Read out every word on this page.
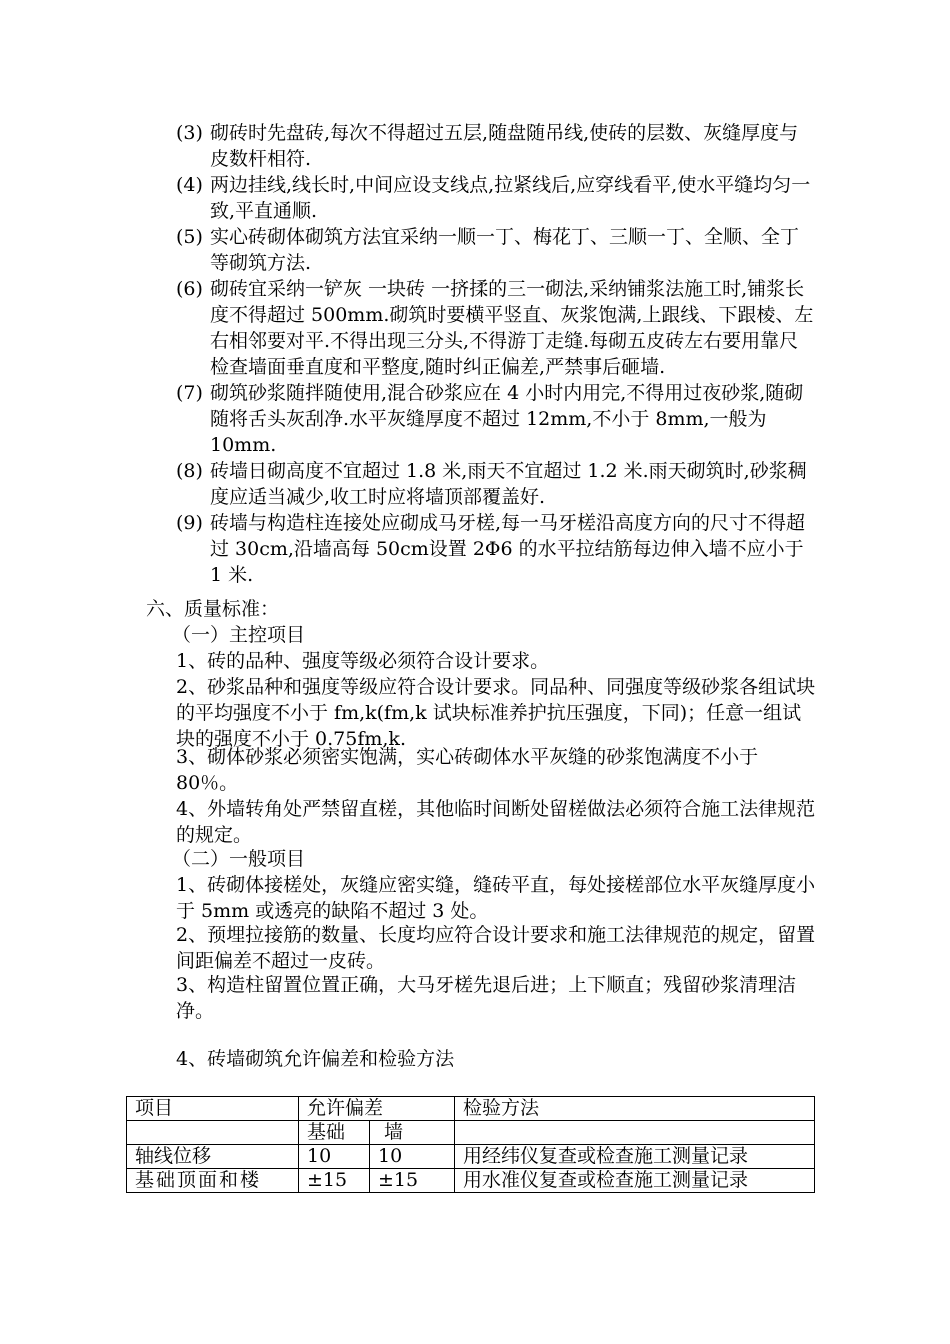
(3) 砌砖时先盘砖,每次不得超过五层,随盘随吊线,使砖的层数、灰缝厚度与皮数杆相符.

(4) 两边挂线,线长时,中间应设支线点,拉紧线后,应穿线看平,使水平缝均匀一致,平直通顺.

(5) 实心砖砌体砌筑方法宜采纳一顺一丁、梅花丁、三顺一丁、全顺、全丁等砌筑方法.

(6) 砌砖宜采纳一铲灰 一块砖 一挤揉的三一砌法,采纳铺浆法施工时,铺浆长度不得超过 500mm.砌筑时要横平竖直、灰浆饱满,上跟线、下跟棱、左右相邻要对平.不得出现三分头,不得游丁走缝.每砌五皮砖左右要用靠尺检查墙面垂直度和平整度,随时纠正偏差,严禁事后砸墙.

(7) 砌筑砂浆随拌随使用,混合砂浆应在 4 小时内用完,不得用过夜砂浆,随砌随将舌头灰刮净.水平灰缝厚度不超过 12mm,不小于 8mm,一般为 10mm.

(8) 砖墙日砌高度不宜超过 1.8 米,雨天不宜超过 1.2 米.雨天砌筑时,砂浆稠度应适当减少,收工时应将墙顶部覆盖好.

(9) 砖墙与构造柱连接处应砌成马牙槎,每一马牙槎沿高度方向的尺寸不得超过 30cm,沿墙高每 50cm设置 2Φ6 的水平拉结筋每边伸入墙不应小于 1 米.

六、质量标准：

（一）主控项目

1、砖的品种、强度等级必须符合设计要求。

2、砂浆品种和强度等级应符合设计要求。同品种、同强度等级砂浆各组试块的平均强度不小于 fm,k(fm,k 试块标准养护抗压强度，下同)；任意一组试块的强度不小于 0.75fm,k.

3、砌体砂浆必须密实饱满，实心砖砌体水平灰缝的砂浆饱满度不小于 80％。

4、外墙转角处严禁留直槎，其他临时间断处留槎做法必须符合施工法律规范的规定。

（二）一般项目

1、砖砌体接槎处，灰缝应密实缝，缝砖平直，每处接槎部位水平灰缝厚度小于 5mm 或透亮的缺陷不超过 3 处。

2、预埋拉接筋的数量、长度均应符合设计要求和施工法律规范的规定，留置间距偏差不超过一皮砖。

3、构造柱留置位置正确，大马牙槎先退后进；上下顺直；残留砂浆清理洁净。

4、砖墙砌筑允许偏差和检验方法

项目	允许偏差		检验方法
	基础	墙	
轴线位移	10	10	用经纬仪复查或检查施工测量记录
基础顶面和楼	±15	±15	用水准仪复查或检查施工测量记录
